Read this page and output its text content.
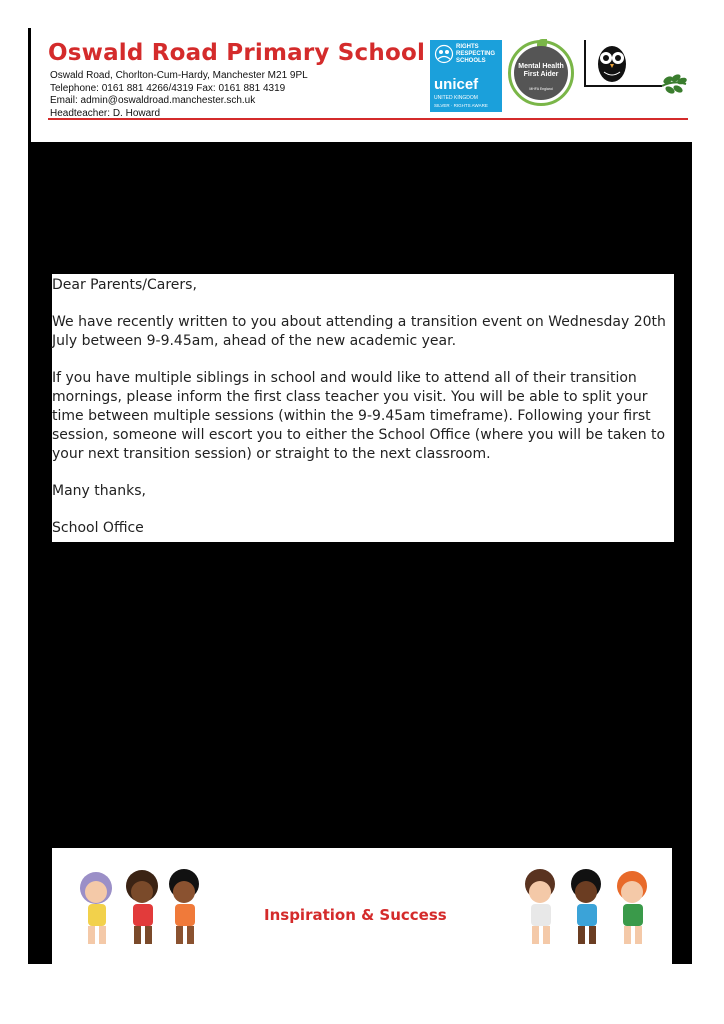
Oswald Road Primary School
Oswald Road, Chorlton-Cum-Hardy, Manchester M21 9PL
Telephone: 0161 881 4266/4319 Fax: 0161 881 4319
Email: admin@oswaldroad.manchester.sch.uk
Headteacher: D. Howard
RIGHTS
RESPECTING
SCHOOLS
unicef
UNITED KINGDOM
SILVER · RIGHTS AWARE
Mental Health
First Aider
MHFA England

Dear Parents/Carers,

We have recently written to you about attending a transition event on Wednesday 20th July between 9-9.45am, ahead of the new academic year.

If you have multiple siblings in school and would like to attend all of their transition mornings, please inform the first class teacher you visit. You will be able to split your time between multiple sessions (within the 9-9.45am timeframe). Following your first session, someone will escort you to either the School Office (where you will be taken to your next transition session) or straight to the next classroom.

Many thanks,

School Office

Inspiration & Success
